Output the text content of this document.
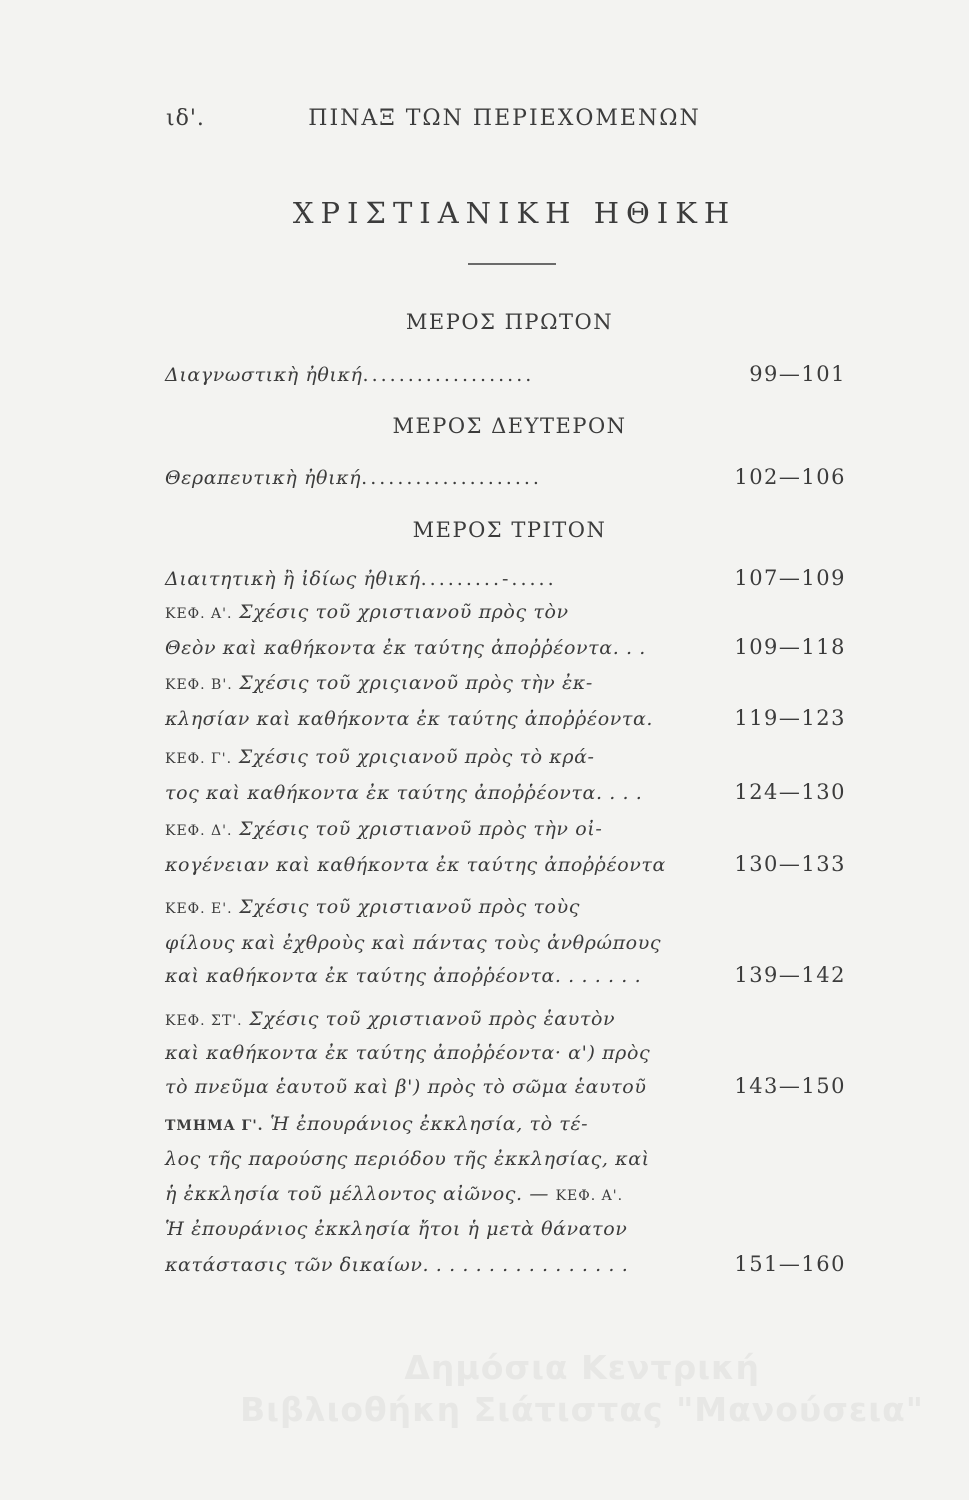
ιδ'.	ΠΙΝΑΞ ΤΩΝ ΠΕΡΙΕΧΟΜΕΝΩΝ
ΧΡΙΣΤΙΑΝΙΚΗ ΗΘΙΚΗ
ΜΕΡΟΣ ΠΡΩΤΟΝ
Διαγνωστικὴ ἠθική...................	99—101
ΜΕΡΟΣ ΔΕΥΤΕΡΟΝ
Θεραπευτικὴ ἠθική....................	102—106
ΜΕΡΟΣ ΤΡΙΤΟΝ
Διαιτητικὴ ἢ ἰδίως ἠθική.........-.....	107—109
ΚΕΦ. Α'. Σχέσις τοῦ χριστιανοῦ πρὸς τὸν
Θεὸν καὶ καθήκοντα ἐκ ταύτης ἀποῤῥέοντα. . .	109—118
ΚΕΦ. Β'. Σχέσις τοῦ χριςιανοῦ πρὸς τὴν ἐκ-
κλησίαν καὶ καθήκοντα ἐκ ταύτης ἀποῤῥέοντα.	119—123
ΚΕΦ. Γ'. Σχέσις τοῦ χριςιανοῦ πρὸς τὸ κρά-
τος καὶ καθήκοντα ἐκ ταύτης ἀποῤῥέοντα. . . .	124—130
ΚΕΦ. Δ'. Σχέσις τοῦ χριστιανοῦ πρὸς τὴν οἰ-
κογένειαν καὶ καθήκοντα ἐκ ταύτης ἀποῤῥέοντα	130—133
ΚΕΦ. Ε'. Σχέσις τοῦ χριστιανοῦ πρὸς τοὺς
φίλους καὶ ἐχθροὺς καὶ πάντας τοὺς ἀνθρώπους
καὶ καθήκοντα ἐκ ταύτης ἀποῤῥέοντα. . . . . . .	139—142
ΚΕΦ. ΣΤ'. Σχέσις τοῦ χριστιανοῦ πρὸς ἑαυτὸν
καὶ καθήκοντα ἐκ ταύτης ἀποῤῥέοντα· α') πρὸς
τὸ πνεῦμα ἑαυτοῦ καὶ β') πρὸς τὸ σῶμα ἑαυτοῦ	143—150
ΤΜΗΜΑ Γ'. Ἡ ἐπουράνιος ἐκκλησία, τὸ τέ-
λος τῆς παρούσης περιόδου τῆς ἐκκλησίας, καὶ
ἡ ἐκκλησία τοῦ μέλλοντος αἰῶνος. — ΚΕΦ. Α'.
Ἡ ἐπουράνιος ἐκκλησία ἤτοι ἡ μετὰ θάνατον
κατάστασις τῶν δικαίων. . . . . . . . . . . . . . . .	151—160
Δημόσια Κεντρική
Βιβλιοθήκη Σιάτιστας "Μανούσεια"
